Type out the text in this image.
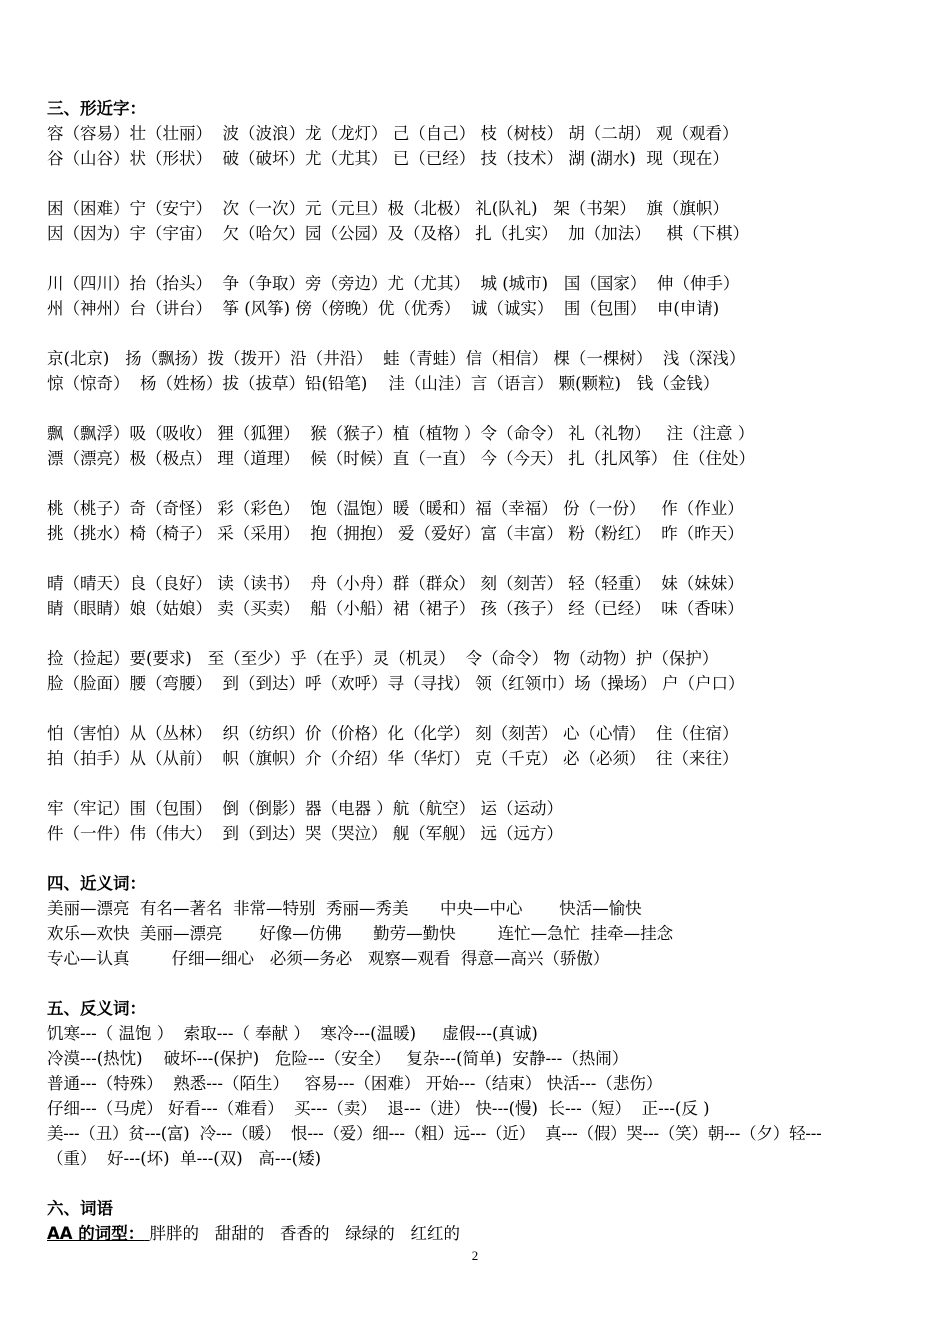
三、形近字：
容（容易）壮（壮丽）  波（波浪）龙（龙灯） 己（自己） 枝（树枝） 胡（二胡） 观（观看）
谷（山谷）状（形状）  破（破坏）尤（尤其） 已（已经） 技（技术） 湖 (湖水)  现（现在）
困（困难）宁（安宁）  次（一次）元（元旦）极（北极） 礼(队礼)   架（书架）  旗（旗帜）
因（因为）宇（宇宙）  欠（哈欠）园（公园）及（及格） 扎（扎实）  加（加法）   棋（下棋）
川（四川）抬（抬头）  争（争取）旁（旁边）尤（尤其）  城 (城市)   国（国家）  伸（伸手）
州（神州）台（讲台）  筝 (风筝) 傍（傍晚）优（优秀）  诚（诚实）  围（包围）  申(申请)
京(北京)   扬（飘扬）拨（拨开）沿（井沿）  蛙（青蛙）信（相信） 棵（一棵树）  浅（深浅）
惊（惊奇）  杨（姓杨）拔（拔草）铅(铅笔)    洼（山洼）言（语言） 颗(颗粒)   钱（金钱）
飘（飘浮）吸（吸收） 狸（狐狸）  猴（猴子）植（植物 ）令（命令） 礼（礼物）   注（注意 ）
漂（漂亮）极（极点） 理（道理）  候（时候）直（一直） 今（今天） 扎（扎风筝） 住（住处）
桃（桃子）奇（奇怪） 彩（彩色）  饱（温饱）暖（暖和）福（幸福） 份（一份）   作（作业）
挑（挑水）椅（椅子） 采（采用）  抱（拥抱） 爱（爱好）富（丰富） 粉（粉红）  昨（昨天）
晴（晴天）良（良好） 读（读书）  舟（小舟）群（群众） 刻（刻苦） 轻（轻重）  妹（妹妹）
睛（眼睛）娘（姑娘） 卖（买卖）  船（小船）裙（裙子） 孩（孩子） 经（已经）  味（香味）
捡（捡起）要(要求)   至（至少）乎（在乎）灵（机灵）  令（命令） 物（动物）护（保护）
脸（脸面）腰（弯腰）  到（到达）呼（欢呼）寻（寻找） 领（红领巾）场（操场） 户（户口）
怕（害怕）从（丛林）  织（纺织）价（价格）化（化学） 刻（刻苦） 心（心情）  住（住宿）
拍（拍手）从（从前）  帜（旗帜）介（介绍）华（华灯） 克（千克） 必（必须）  往（来往）
牢（牢记）围（包围）  倒（倒影）器（电器 ）航（航空） 运（运动）
件（一件）伟（伟大）  到（到达）哭（哭泣） 舰（军舰） 远（远方）
四、近义词：
美丽—漂亮  有名—著名  非常—特别  秀丽—秀美      中央—中心       快活—愉快
欢乐—欢快  美丽—漂亮       好像—仿佛      勤劳—勤快        连忙—急忙  挂牵—挂念
专心—认真        仔细—细心   必须—务必   观察—观看  得意—高兴（骄傲）
五、反义词：
饥寒---（ 温饱 ）  索取---（ 奉献 ）  寒冷---(温暖)     虚假---(真诚)
冷漠---(热忱)    破坏---(保护)   危险---（安全）   复杂---(简单)  安静---（热闹）
普通---（特殊）  熟悉---（陌生）   容易---（困难） 开始---（结束） 快活---（悲伤）
仔细---（马虎） 好看---（难看）  买---（卖）  退---（进） 快---(慢)  长---（短）  正---(反 )
美---（丑）贫---(富)  冷---（暖）  恨---（爱）细---（粗）远---（近）  真---（假）哭---（笑）朝---（夕）轻---
（重）  好---(坏)  单---(双)   高---(矮)
六、词语
AA 的词型： 胖胖的   甜甜的   香香的   绿绿的   红红的
2
